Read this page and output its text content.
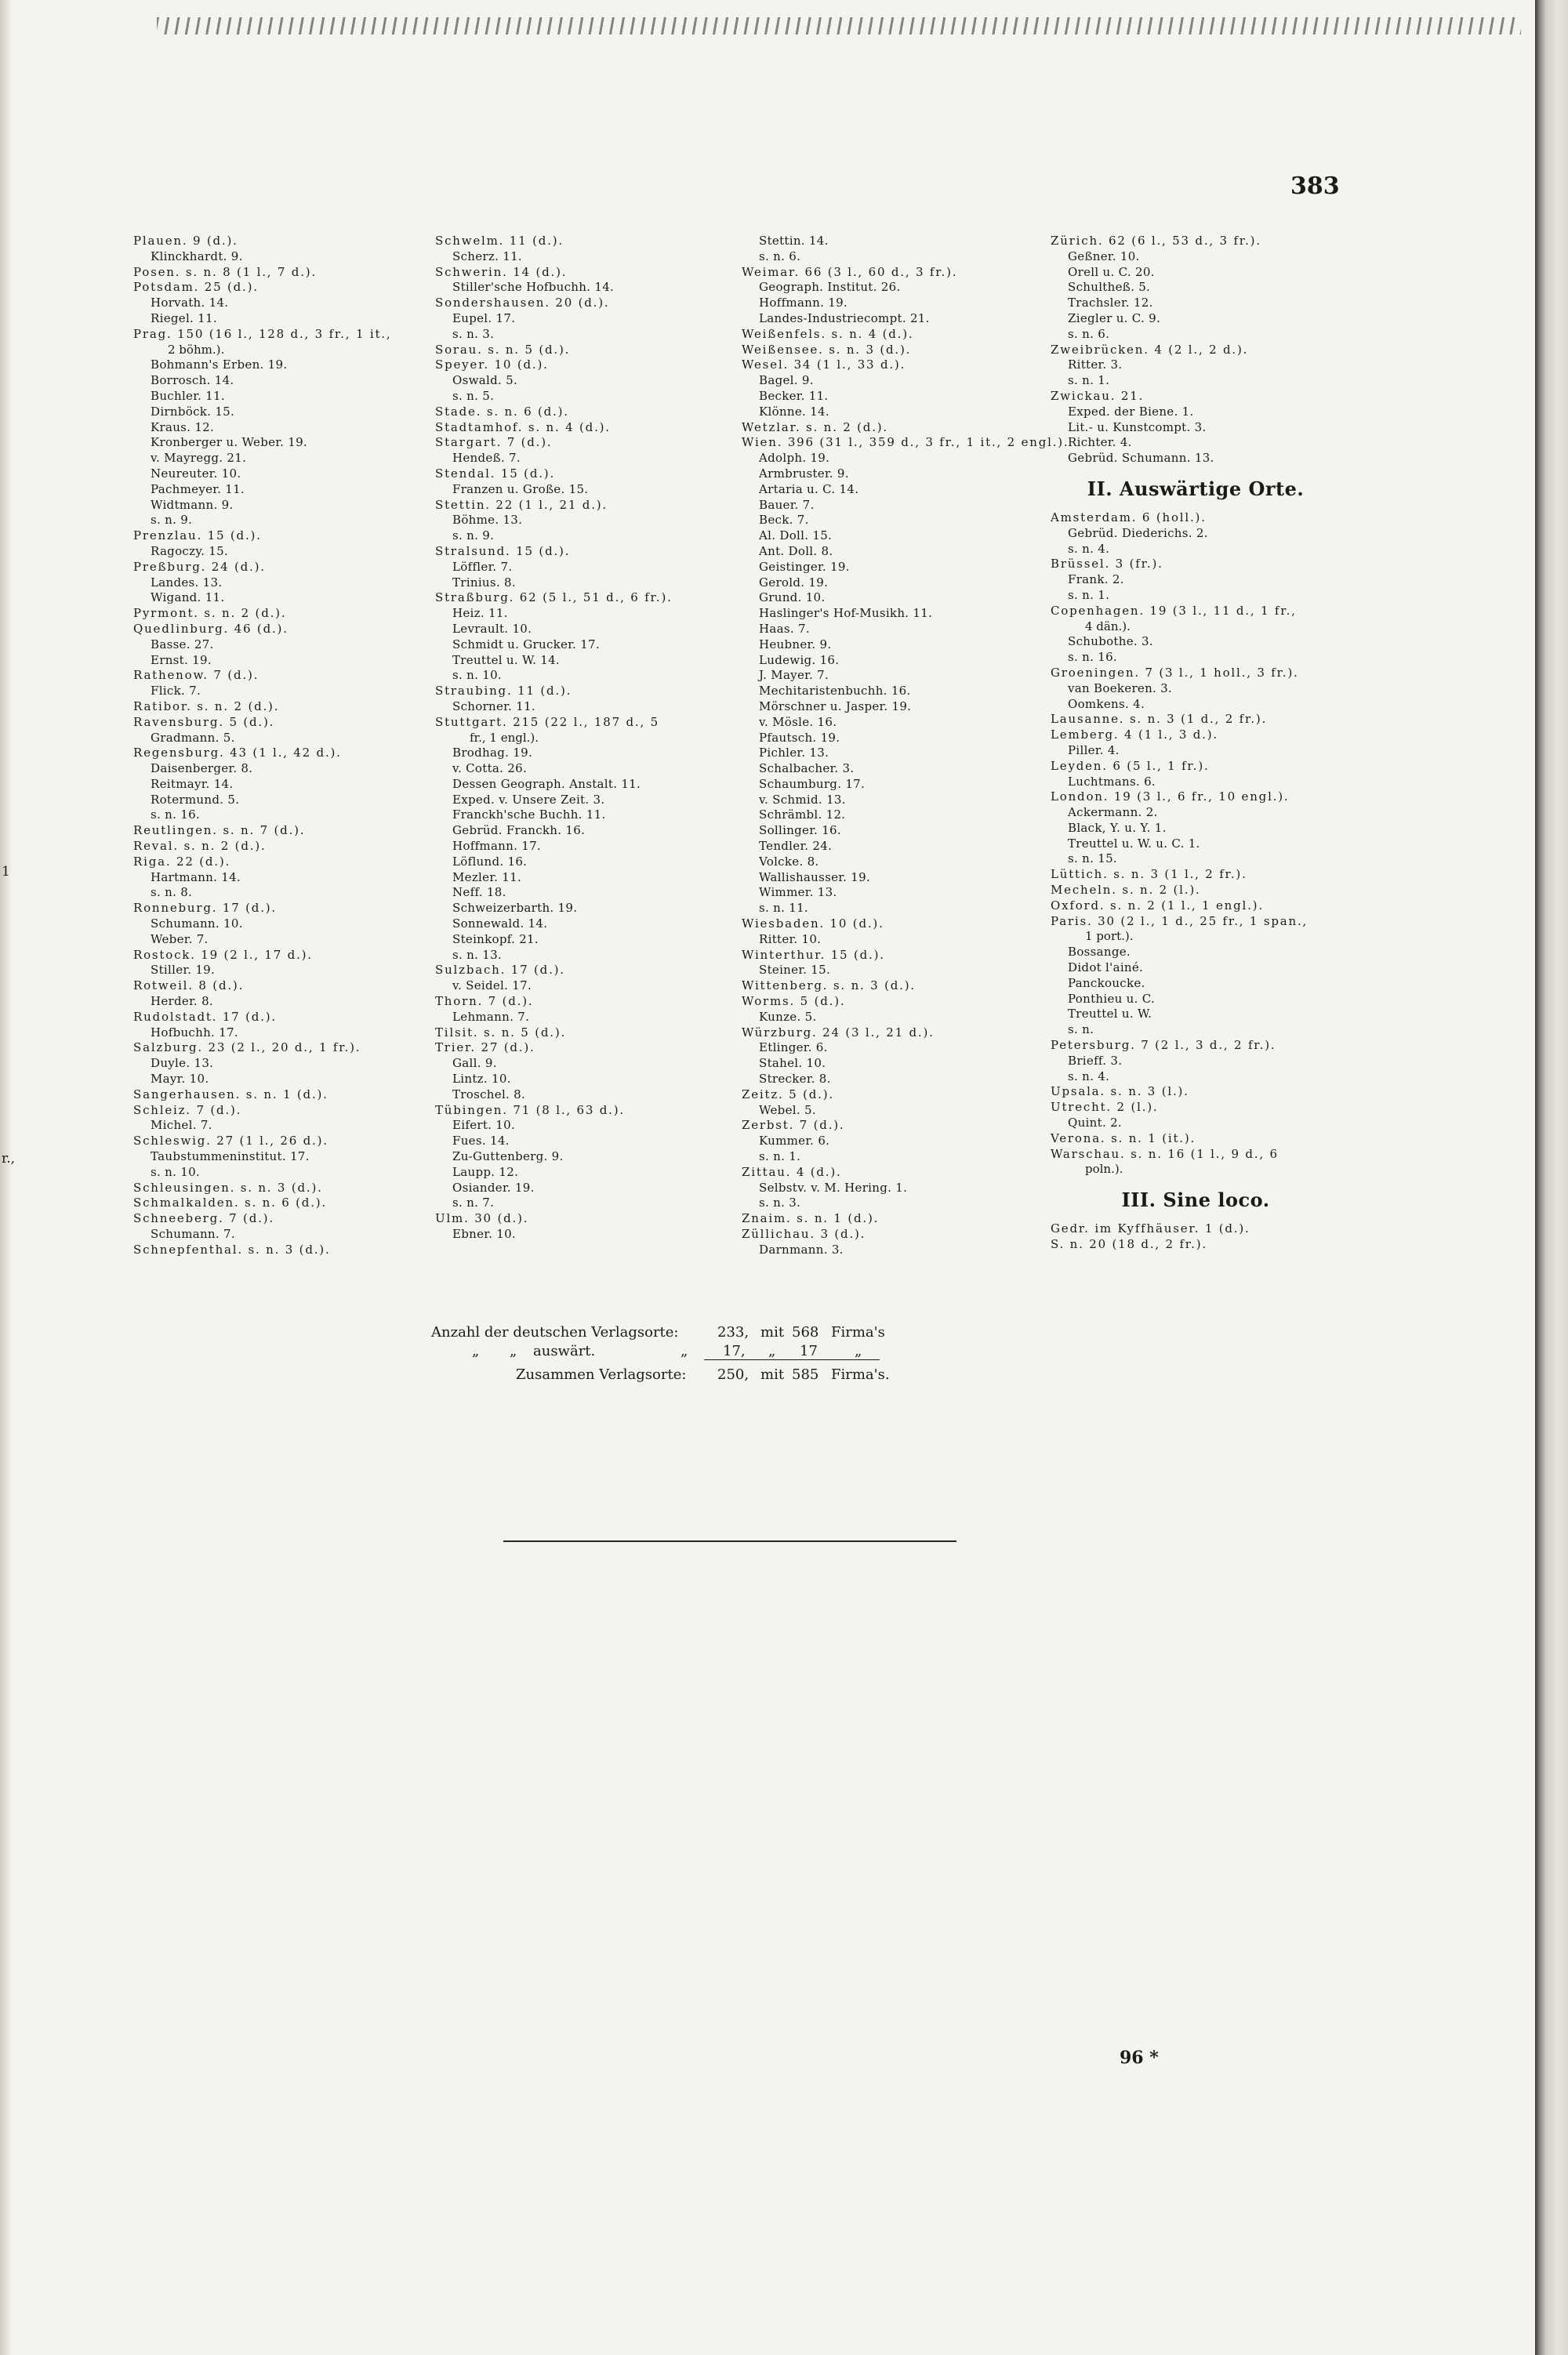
383
Plauen. 9 (d.).
Klinckhardt. 9.
Posen. s. n. 8 (1 l., 7 d.).
Potsdam. 25 (d.).
Horvath. 14.
Riegel. 11.
Prag. 150 (16 l., 128 d., 3 fr., 1 it.,
2 böhm.).
Bohmann's Erben. 19.
Borrosch. 14.
Buchler. 11.
Dirnböck. 15.
Kraus. 12.
Kronberger u. Weber. 19.
v. Mayregg. 21.
Neureuter. 10.
Pachmeyer. 11.
Widtmann. 9.
s. n. 9.
Prenzlau. 15 (d.).
Ragoczy. 15.
Preßburg. 24 (d.).
Landes. 13.
Wigand. 11.
Pyrmont. s. n. 2 (d.).
Quedlinburg. 46 (d.).
Basse. 27.
Ernst. 19.
Rathenow. 7 (d.).
Flick. 7.
Ratibor. s. n. 2 (d.).
Ravensburg. 5 (d.).
Gradmann. 5.
Regensburg. 43 (1 l., 42 d.).
Daisenberger. 8.
Reitmayr. 14.
Rotermund. 5.
s. n. 16.
Reutlingen. s. n. 7 (d.).
Reval. s. n. 2 (d.).
Riga. 22 (d.).
Hartmann. 14.
s. n. 8.
Ronneburg. 17 (d.).
Schumann. 10.
Weber. 7.
Rostock. 19 (2 l., 17 d.).
Stiller. 19.
Rotweil. 8 (d.).
Herder. 8.
Rudolstadt. 17 (d.).
Hofbuchh. 17.
Salzburg. 23 (2 l., 20 d., 1 fr.).
Duyle. 13.
Mayr. 10.
Sangerhausen. s. n. 1 (d.).
Schleiz. 7 (d.).
Michel. 7.
Schleswig. 27 (1 l., 26 d.).
Taubstummeninstitut. 17.
s. n. 10.
Schleusingen. s. n. 3 (d.).
Schmalkalden. s. n. 6 (d.).
Schneeberg. 7 (d.).
Schumann. 7.
Schnepfenthal. s. n. 3 (d.).
Schwelm. 11 (d.).
Scherz. 11.
Schwerin. 14 (d.).
Stiller'sche Hofbuchh. 14.
Sondershausen. 20 (d.).
Eupel. 17.
s. n. 3.
Sorau. s. n. 5 (d.).
Speyer. 10 (d.).
Oswald. 5.
s. n. 5.
Stade. s. n. 6 (d.).
Stadtamhof. s. n. 4 (d.).
Stargart. 7 (d.).
Hendeß. 7.
Stendal. 15 (d.).
Franzen u. Große. 15.
Stettin. 22 (1 l., 21 d.).
Böhme. 13.
s. n. 9.
Stralsund. 15 (d.).
Löffler. 7.
Trinius. 8.
Straßburg. 62 (5 l., 51 d., 6 fr.).
Heiz. 11.
Levrault. 10.
Schmidt u. Grucker. 17.
Treuttel u. W. 14.
s. n. 10.
Straubing. 11 (d.).
Schorner. 11.
Stuttgart. 215 (22 l., 187 d., 5
fr., 1 engl.).
Brodhag. 19.
v. Cotta. 26.
Dessen Geograph. Anstalt. 11.
Exped. v. Unsere Zeit. 3.
Franckh'sche Buchh. 11.
Gebrüd. Franckh. 16.
Hoffmann. 17.
Löflund. 16.
Mezler. 11.
Neff. 18.
Schweizerbarth. 19.
Sonnewald. 14.
Steinkopf. 21.
s. n. 13.
Sulzbach. 17 (d.).
v. Seidel. 17.
Thorn. 7 (d.).
Lehmann. 7.
Tilsit. s. n. 5 (d.).
Trier. 27 (d.).
Gall. 9.
Lintz. 10.
Troschel. 8.
Tübingen. 71 (8 l., 63 d.).
Eifert. 10.
Fues. 14.
Zu-Guttenberg. 9.
Laupp. 12.
Osiander. 19.
s. n. 7.
Ulm. 30 (d.).
Ebner. 10.
Stettin. 14.
s. n. 6.
Weimar. 66 (3 l., 60 d., 3 fr.).
Geograph. Institut. 26.
Hoffmann. 19.
Landes-Industriecompt. 21.
Weißenfels. s. n. 4 (d.).
Weißensee. s. n. 3 (d.).
Wesel. 34 (1 l., 33 d.).
Bagel. 9.
Becker. 11.
Klönne. 14.
Wetzlar. s. n. 2 (d.).
Wien. 396 (31 l., 359 d., 3 fr., 1 it., 2 engl.).
Adolph. 19.
Armbruster. 9.
Artaria u. C. 14.
Bauer. 7.
Beck. 7.
Al. Doll. 15.
Ant. Doll. 8.
Geistinger. 19.
Gerold. 19.
Grund. 10.
Haslinger's Hof-Musikh. 11.
Haas. 7.
Heubner. 9.
Ludewig. 16.
J. Mayer. 7.
Mechitaristenbuchh. 16.
Mörschner u. Jasper. 19.
v. Mösle. 16.
Pfautsch. 19.
Pichler. 13.
Schalbacher. 3.
Schaumburg. 17.
v. Schmid. 13.
Schrämbl. 12.
Sollinger. 16.
Tendler. 24.
Volcke. 8.
Wallishausser. 19.
Wimmer. 13.
s. n. 11.
Wiesbaden. 10 (d.).
Ritter. 10.
Winterthur. 15 (d.).
Steiner. 15.
Wittenberg. s. n. 3 (d.).
Worms. 5 (d.).
Kunze. 5.
Würzburg. 24 (3 l., 21 d.).
Etlinger. 6.
Stahel. 10.
Strecker. 8.
Zeitz. 5 (d.).
Webel. 5.
Zerbst. 7 (d.).
Kummer. 6.
s. n. 1.
Zittau. 4 (d.).
Selbstv. v. M. Hering. 1.
s. n. 3.
Znaim. s. n. 1 (d.).
Züllichau. 3 (d.).
Darnmann. 3.
Zürich. 62 (6 l., 53 d., 3 fr.).
Geßner. 10.
Orell u. C. 20.
Schultheß. 5.
Trachsler. 12.
Ziegler u. C. 9.
s. n. 6.
Zweibrücken. 4 (2 l., 2 d.).
Ritter. 3.
s. n. 1.
Zwickau. 21.
Exped. der Biene. 1.
Lit.- u. Kunstcompt. 3.
Richter. 4.
Gebrüd. Schumann. 13.
II. Auswärtige Orte.
Amsterdam. 6 (holl.).
Gebrüd. Diederichs. 2.
s. n. 4.
Brüssel. 3 (fr.).
Frank. 2.
s. n. 1.
Copenhagen. 19 (3 l., 11 d., 1 fr.,
4 dän.).
Schubothe. 3.
s. n. 16.
Groeningen. 7 (3 l., 1 holl., 3 fr.).
van Boekeren. 3.
Oomkens. 4.
Lausanne. s. n. 3 (1 d., 2 fr.).
Lemberg. 4 (1 l., 3 d.).
Piller. 4.
Leyden. 6 (5 l., 1 fr.).
Luchtmans. 6.
London. 19 (3 l., 6 fr., 10 engl.).
Ackermann. 2.
Black, Y. u. Y. 1.
Treuttel u. W. u. C. 1.
s. n. 15.
Lüttich. s. n. 3 (1 l., 2 fr.).
Mecheln. s. n. 2 (l.).
Oxford. s. n. 2 (1 l., 1 engl.).
Paris. 30 (2 l., 1 d., 25 fr., 1 span.,
1 port.).
Bossange.
Didot l'ainé.
Panckoucke.
Ponthieu u. C.
Treuttel u. W.
s. n.
Petersburg. 7 (2 l., 3 d., 2 fr.).
Brieff. 3.
s. n. 4.
Upsala. s. n. 3 (l.).
Utrecht. 2 (l.).
Quint. 2.
Verona. s. n. 1 (it.).
Warschau. s. n. 16 (1 l., 9 d., 6
poln.).
III. Sine loco.
Gedr. im Kyffhäuser. 1 (d.).
S. n. 20 (18 d., 2 fr.).
Anzahl der deutschen Verlagsorte:	233, mit 568 Firma's
„ „ auswärt.	„ 17, „ 17	„
Zusammen Verlagsorte: 250, mit 585 Firma's.
96 *
1
r.,
